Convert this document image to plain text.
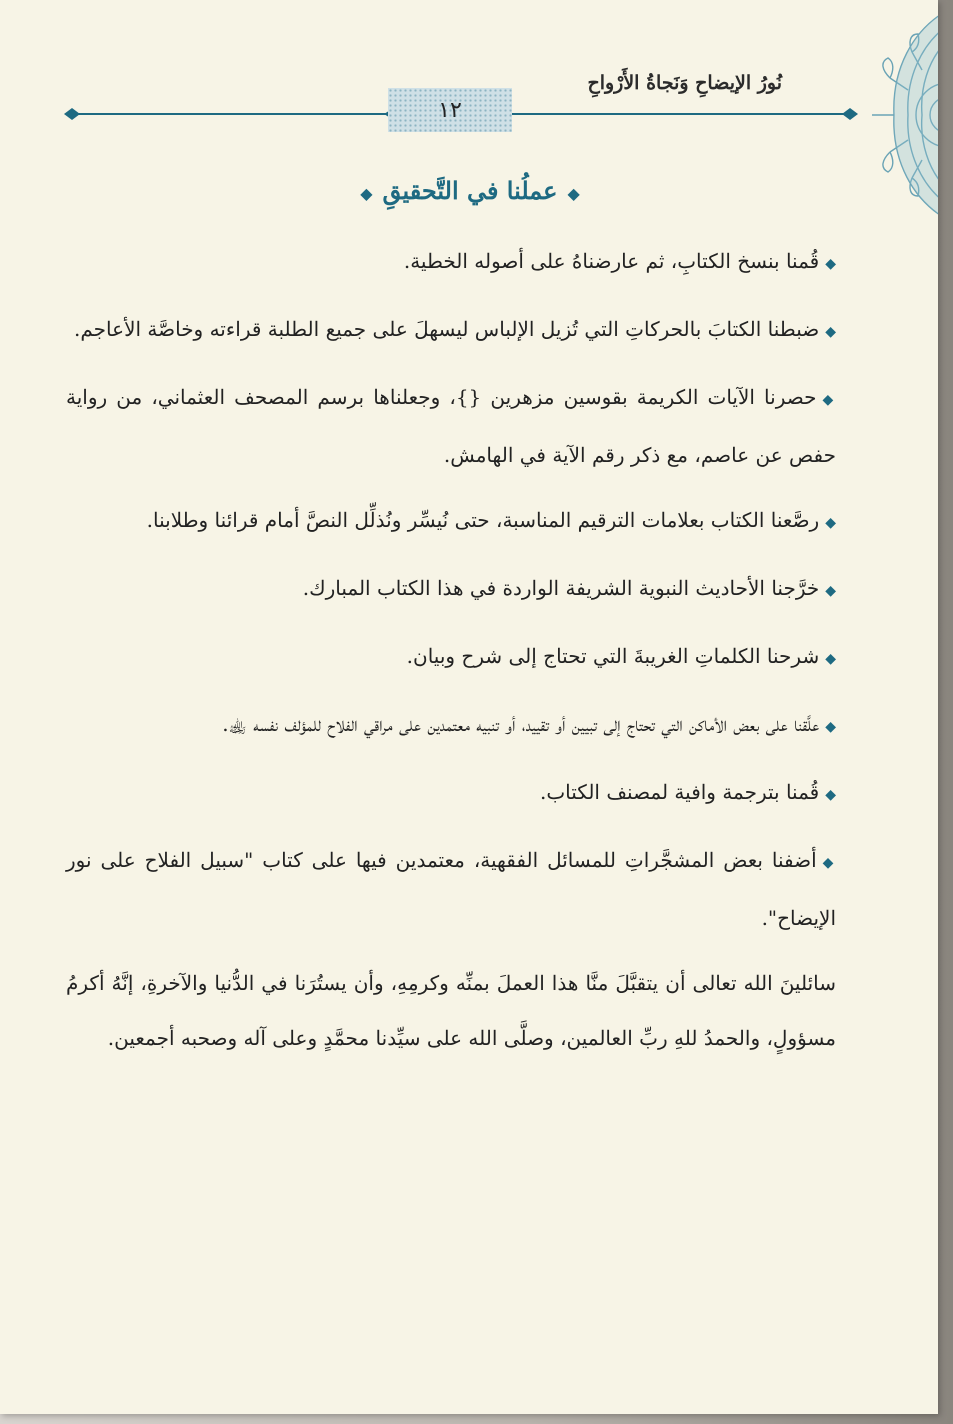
نُورُ الإيضاحِ وَنَجاةُ الأَرْواحِ
١٢
◆عملُنا في التَّحقيقِ◆

◆قُمنا بنسخ الكتابِ، ثم عارضناهُ على أصوله الخطية.

◆ضبطنا الكتابَ بالحركاتِ التي تُزيل الإلباس ليسهلَ على جميع الطلبة قراءته وخاصَّة الأعاجم.

◆حصرنا الآيات الكريمة بقوسين مزهرين {}، وجعلناها برسم المصحف العثماني، من رواية حفص عن عاصم، مع ذكر رقم الآية في الهامش.

◆رصَّعنا الكتاب بعلامات الترقيم المناسبة، حتى نُيسِّر ونُذلِّل النصَّ أمام قرائنا وطلابنا.

◆خرَّجنا الأحاديث النبوية الشريفة الواردة في هذا الكتاب المبارك.

◆شرحنا الكلماتِ الغريبةَ التي تحتاج إلى شرح وبيان.

◆علَّقنا على بعض الأماكن التي تحتاج إلى تبيين أو تقييد، أو تنبيه معتمدين على مراقي الفلاح للمؤلف نفسه ﵀.

◆قُمنا بترجمة وافية لمصنف الكتاب.

◆أضفنا بعض المشجَّراتِ للمسائل الفقهية، معتمدين فيها على كتاب "سبيل الفلاح على نور الإيضاح".

سائلينَ الله تعالى أن يتقبَّلَ منَّا هذا العملَ بمنِّه وكرمِهِ، وأن يستُرَنا في الدُّنيا والآخرةِ، إنَّهُ أكرمُ مسؤولٍ، والحمدُ للهِ ربِّ العالمين، وصلَّى الله على سيِّدنا محمَّدٍ وعلى آله وصحبه أجمعين.
